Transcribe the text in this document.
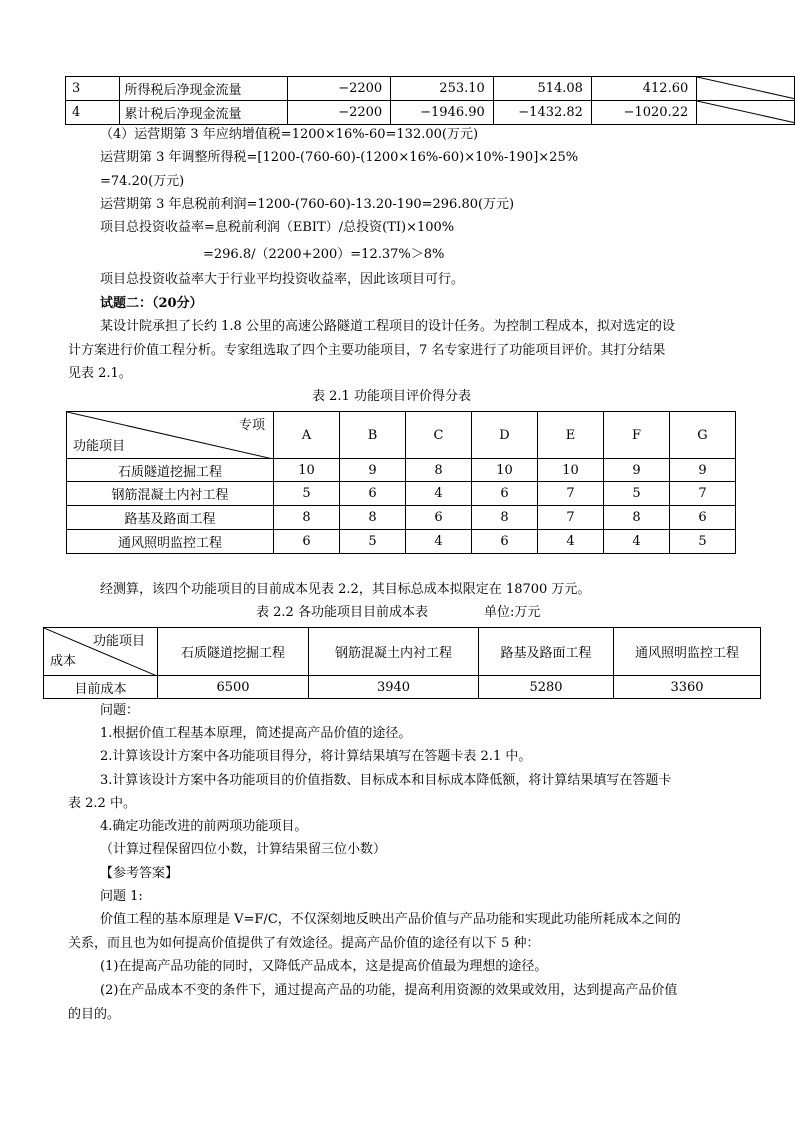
3	所得税后净现金流量	−2200	253.10	514.08	412.60	

4	累计税后净现金流量	−2200	−1946.90	−1432.82	−1020.22	
（4）运营期第 3 年应纳增值税=1200×16%-60=132.00(万元)
运营期第 3 年调整所得税=[1200-(760-60)-(1200×16%-60)×10%-190]×25%
=74.20(万元)
运营期第 3 年息税前利润=1200-(760-60)-13.20-190=296.80(万元)
项目总投资收益率=息税前利润（EBIT）/总投资(TI)×100%
=296.8/（2200+200）=12.37%＞8%
项目总投资收益率大于行业平均投资收益率，因此该项目可行。
试题二：（20分）
某设计院承担了长约 1.8 公里的高速公路隧道工程项目的设计任务。为控制工程成本，拟对选定的设
计方案进行价值工程分析。专家组选取了四个主要功能项目，7 名专家进行了功能项目评价。其打分结果
见表 2.1。
表 2.1 功能项目评价得分表
专项
功能项目	A	B	C	D	E	F	G
石质隧道挖掘工程	10	9	8	10	10	9	9
钢筋混凝土内衬工程	5	6	4	6	7	5	7
路基及路面工程	8	8	6	8	7	8	6
通风照明监控工程	6	5	4	6	4	4	5
经测算，该四个功能项目的目前成本见表 2.2，其目标总成本拟限定在 18700 万元。
表 2.2 各功能项目目前成本表	单位:万元
功能项目
成本	石质隧道挖掘工程	钢筋混凝土内衬工程	路基及路面工程	通风照明监控工程
目前成本	6500	3940	5280	3360
问题：
1.根据价值工程基本原理，简述提高产品价值的途径。
2.计算该设计方案中各功能项目得分，将计算结果填写在答题卡表 2.1 中。
3.计算该设计方案中各功能项目的价值指数、目标成本和目标成本降低额，将计算结果填写在答题卡
表 2.2 中。
4.确定功能改进的前两项功能项目。
（计算过程保留四位小数，计算结果留三位小数）
【参考答案】
问题 1:
价值工程的基本原理是 V=F/C，不仅深刻地反映出产品价值与产品功能和实现此功能所耗成本之间的
关系，而且也为如何提高价值提供了有效途径。提高产品价值的途径有以下 5 种：
(1)在提高产品功能的同时，又降低产品成本，这是提高价值最为理想的途径。
(2)在产品成本不变的条件下，通过提高产品的功能，提高利用资源的效果或效用，达到提高产品价值
的目的。
